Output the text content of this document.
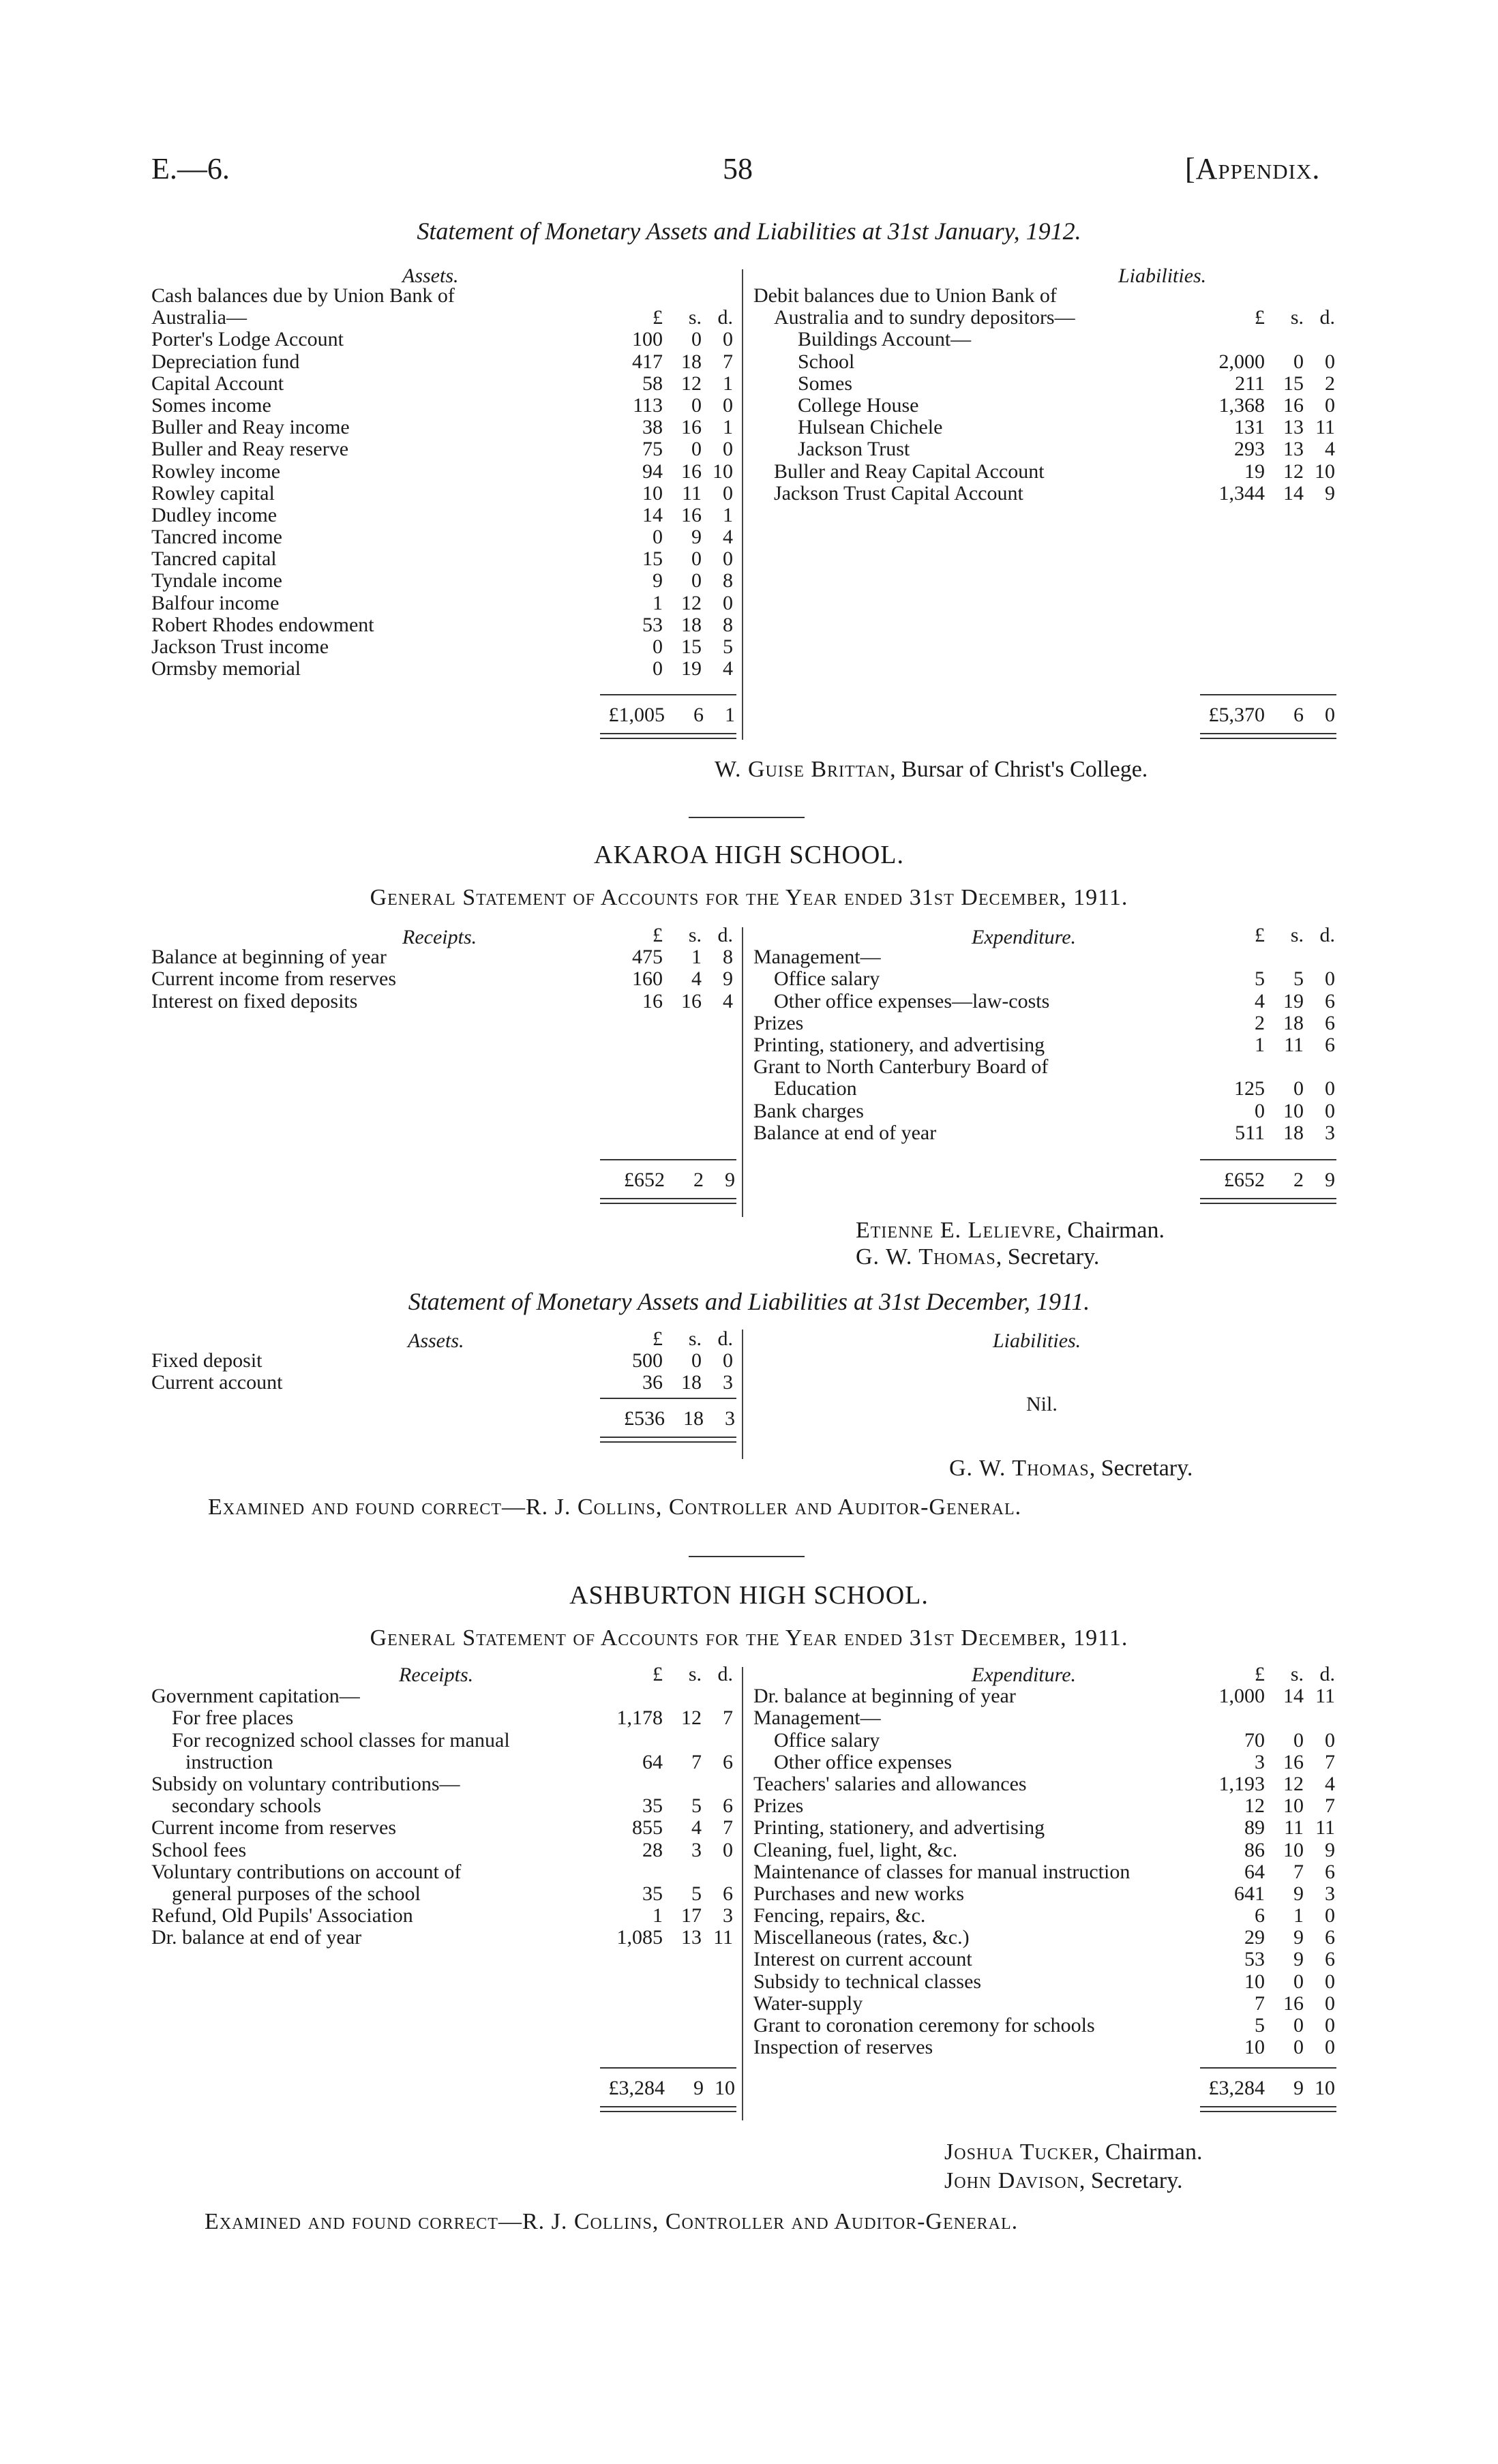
E.—6.	58	[Appendix.
Statement of Monetary Assets and Liabilities at 31st January, 1912.
Assets.	Liabilities.
Cash balances due by Union Bank of
Australia—	£ s. d.
Porter's Lodge Account	100 0 0
Depreciation fund	417 18 7
Capital Account	58 12 1
Somes income	113 0 0
Buller and Reay income	38 16 1
Buller and Reay reserve	75 0 0
Rowley income	94 16 10
Rowley capital	10 11 0
Dudley income	14 16 1
Tancred income	0 9 4
Tancred capital	15 0 0
Tyndale income	9 0 8
Balfour income	1 12 0
Robert Rhodes endowment	53 18 8
Jackson Trust income	0 15 5
Ormsby memorial	0 19 4
£1,005 6 1
Debit balances due to Union Bank of
Australia and to sundry depositors—	£ s. d.
Buildings Account—
School	2,000 0 0
Somes	211 15 2
College House	1,368 16 0
Hulsean Chichele	131 13 11
Jackson Trust	293 13 4
Buller and Reay Capital Account	19 12 10
Jackson Trust Capital Account	1,344 14 9
£5,370 6 0
W. Guise Brittan, Bursar of Christ's College.
AKAROA HIGH SCHOOL.
General Statement of Accounts for the Year ended 31st December, 1911.
Receipts.	Expenditure.
£ s. d.
Balance at beginning of year	475 1 8
Current income from reserves	160 4 9
Interest on fixed deposits	16 16 4
£ s. d.
Management—
Office salary	5 5 0
Other office expenses—law-costs	4 19 6
Prizes	2 18 6
Printing, stationery, and advertising	1 11 6
Grant to North Canterbury Board of
Education	125 0 0
Bank charges	0 10 0
Balance at end of year	511 18 3
£652 2 9	£652 2 9
Etienne E. Lelievre, Chairman.
G. W. Thomas, Secretary.
Statement of Monetary Assets and Liabilities at 31st December, 1911.
Assets.	Liabilities.
£ s. d.
Fixed deposit	500 0 0
Current account	36 18 3
£536 18 3
Nil.
G. W. Thomas, Secretary.
Examined and found correct—R. J. Collins, Controller and Auditor-General.
ASHBURTON HIGH SCHOOL.
General Statement of Accounts for the Year ended 31st December, 1911.
Receipts.	Expenditure.
£ s. d.
Government capitation—
For free places	1,178 12 7
For recognized school classes for manual
instruction	64 7 6
Subsidy on voluntary contributions—
secondary schools	35 5 6
Current income from reserves	855 4 7
School fees	28 3 0
Voluntary contributions on account of
general purposes of the school	35 5 6
Refund, Old Pupils' Association	1 17 3
Dr. balance at end of year	1,085 13 11
£ s. d.
Dr. balance at beginning of year	1,000 14 11
Management—
Office salary	70 0 0
Other office expenses	3 16 7
Teachers' salaries and allowances	1,193 12 4
Prizes	12 10 7
Printing, stationery, and advertising	89 11 11
Cleaning, fuel, light, &c.	86 10 9
Maintenance of classes for manual instruction	64 7 6
Purchases and new works	641 9 3
Fencing, repairs, &c.	6 1 0
Miscellaneous (rates, &c.)	29 9 6
Interest on current account	53 9 6
Subsidy to technical classes	10 0 0
Water-supply	7 16 0
Grant to coronation ceremony for schools	5 0 0
Inspection of reserves	10 0 0
£3,284 9 10	£3,284 9 10
Joshua Tucker, Chairman.
John Davison, Secretary.
Examined and found correct—R. J. Collins, Controller and Auditor-General.
